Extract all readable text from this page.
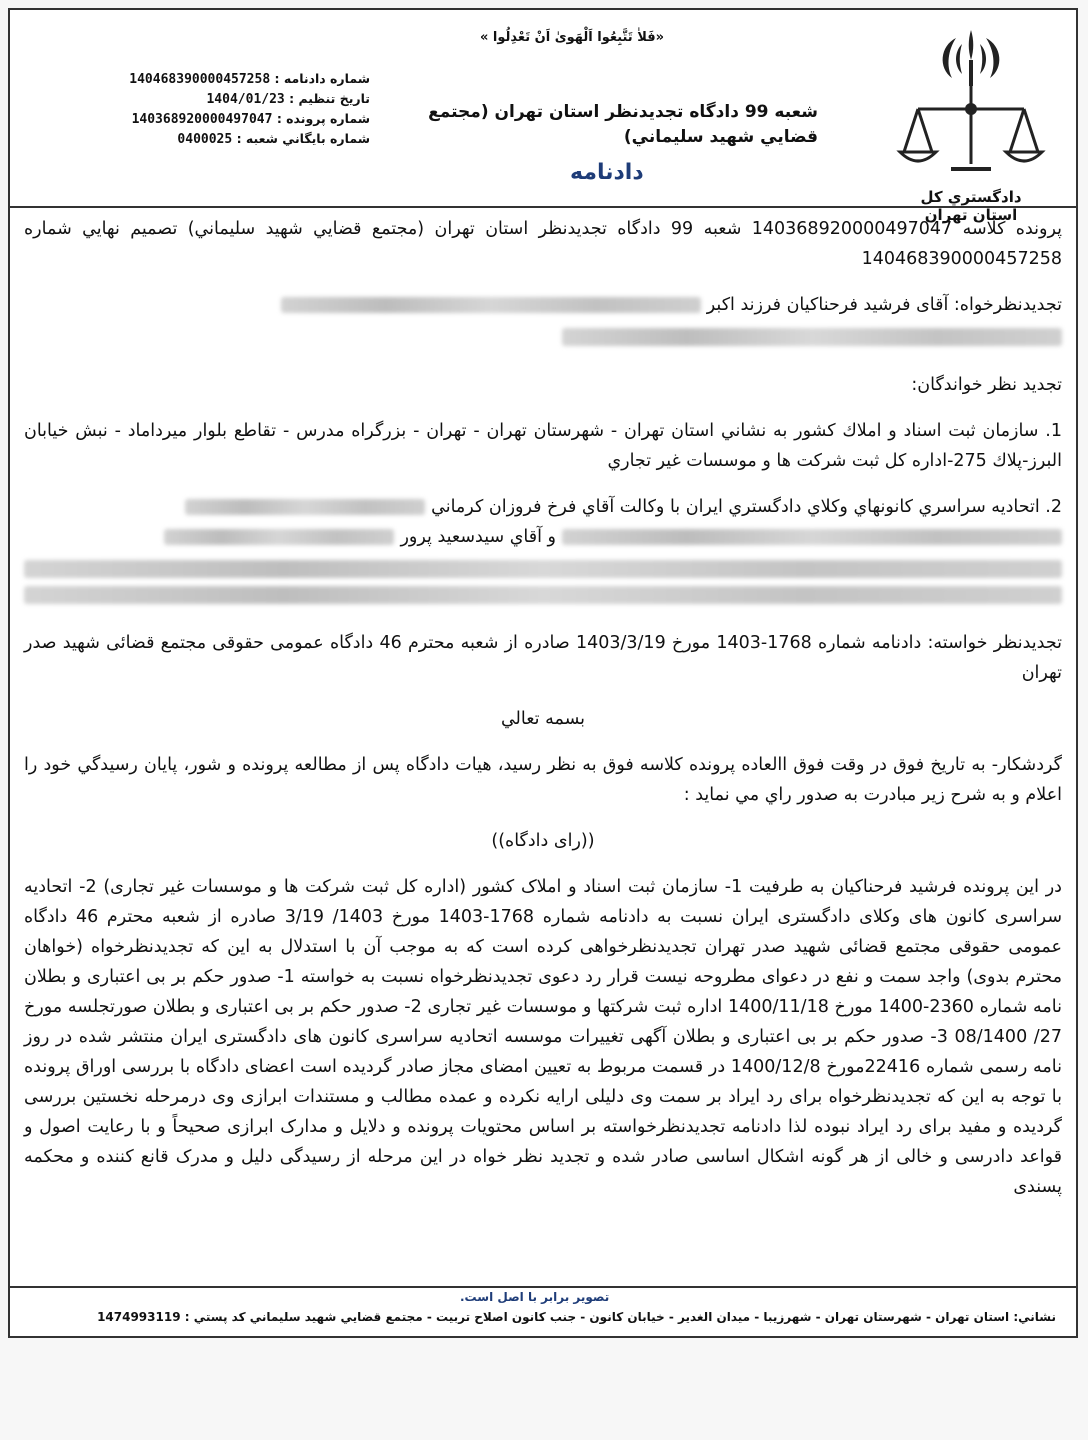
دادگستري كل استان تهران
«فَلاٰ تَتَّبِعُوا اَلْهَوىٰ اَنْ تَعْدِلُوا »
شعبه 99 دادگاه تجديدنظر استان تهران (مجتمع قضايي شهيد سليماني)
دادنامه
شماره دادنامه : 140468390000457258
تاريخ تنظيم : 1404/01/23
شماره پرونده : 140368920000497047
شماره بايگاني شعبه : 0400025

پرونده كلاسه 140368920000497047 شعبه 99 دادگاه تجديدنظر استان تهران (مجتمع قضايي شهيد سليماني) تصميم نهايي شماره 140468390000457258

تجديدنظرخواه: آقای فرشيد فرحناكيان فرزند اكبر

تجديد نظر خواندگان:

1. سازمان ثبت اسناد و املاك كشور به نشاني استان تهران - شهرستان تهران - تهران - بزرگراه مدرس - تقاطع بلوار ميرداماد - نبش خيابان البرز-پلاك 275-اداره كل ثبت شركت ها و موسسات غير تجاري

2. اتحاديه سراسري كانونهاي وكلاي دادگستري ايران با وكالت آقاي فرخ فروزان كرماني

و آقاي سيدسعيد پرور

تجديدنظر خواسته: دادنامه شماره 1768-1403 مورخ 1403/3/19 صادره از شعبه محترم 46 دادگاه عمومی حقوقی مجتمع قضائی شهيد صدر تهران

بسمه تعالي

گردشكار- به تاريخ فوق در وقت فوق االعاده پرونده كلاسه فوق به نظر رسيد، هيات دادگاه پس از مطالعه پرونده و شور، پايان رسيدگي خود را اعلام و به شرح زير مبادرت به صدور راي مي نمايد :

((راى دادگاه))

در اين پرونده فرشيد فرحناكيان به طرفيت 1- سازمان ثبت اسناد و املاک كشور (اداره كل ثبت شركت ها و موسسات غير تجاری) 2- اتحاديه سراسری كانون های وكلای دادگستری ايران نسبت به دادنامه شماره 1768-1403 مورخ 1403/ 3/19 صادره از شعبه محترم 46 دادگاه عمومی حقوقی مجتمع قضائی شهيد صدر تهران تجديدنظرخواهی كرده است كه به موجب آن با استدلال به اين كه تجديدنظرخواه (خواهان محترم بدوی) واجد سمت و نفع در دعوای مطروحه نيست قرار رد دعوی تجديدنظرخواه نسبت به خواسته 1- صدور حكم بر بی اعتباری و بطلان نامه شماره 2360-1400 مورخ 1400/11/18 اداره ثبت شركتها و موسسات غير تجاری 2- صدور حكم بر بی اعتباری و بطلان صورتجلسه مورخ 27/ 08/1400 3- صدور حكم بر بی اعتباری و بطلان آگهی تغييرات موسسه اتحاديه سراسری كانون های دادگستری ايران منتشر شده در روز نامه رسمی شماره 22416مورخ 1400/12/8 در قسمت مربوط به تعيين امضای مجاز صادر گرديده است اعضای دادگاه با بررسی اوراق پرونده با توجه به اين كه تجديدنظرخواه برای رد ايراد بر سمت وی دليلی ارايه نكرده و عمده مطالب و مستندات ابرازی وی درمرحله نخستين بررسی گرديده و مفيد برای رد ايراد نبوده لذا دادنامه تجديدنظرخواسته بر اساس محتويات پرونده و دلايل و مدارک ابرازی صحيحاً و با رعايت اصول و قواعد دادرسی و خالی از هر گونه اشكال اساسی صادر شده و تجديد نظر خواه در اين مرحله از رسيدگی دليل و مدرک قانع كننده و محكمه پسندی

تصوير برابر با اصل است.
نشاني: استان تهران - شهرستان تهران - شهرزيبا - ميدان الغدير - خيابان كانون - جنب كانون اصلاح تربيت - مجتمع قضايي شهيد سليماني كد پستي : 1474993119
